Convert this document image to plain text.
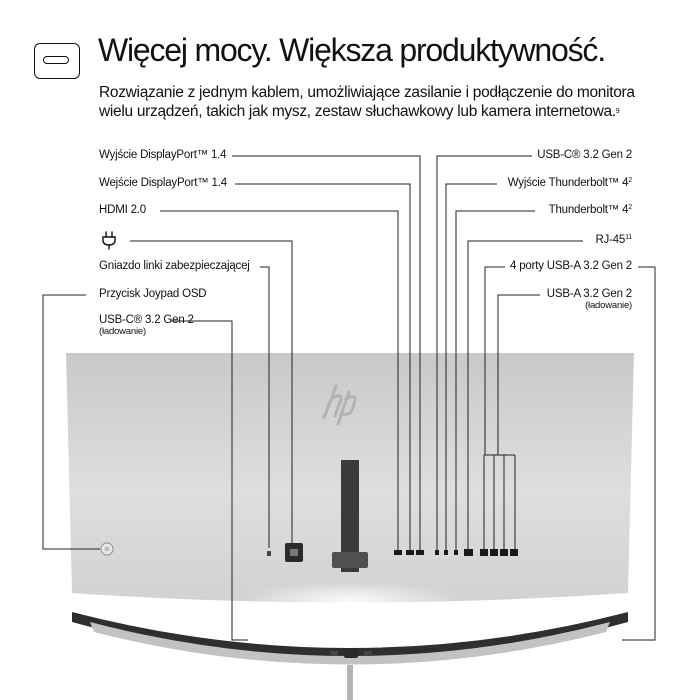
Więcej mocy. Większa produktywność.
Rozwiązanie z jednym kablem, umożliwiające zasilanie i podłączenie do monitora wielu urządzeń, takich jak mysz, zestaw słuchawkowy lub kamera internetowa.$^9$
Wyjście DisplayPort™ 1.4
Wejście DisplayPort™ 1.4
HDMI 2.0
Gniazdo linki zabezpieczającej
Przycisk Joypad OSD
USB-C® 3.2 Gen 2
(ładowanie)
USB-C® 3.2 Gen 2
Wyjście Thunderbolt™ $4^2$
Thunderbolt™ $4^2$
$RJ-45^{11}$
4 porty USB-A 3.2 Gen 2
USB-A 3.2 Gen 2
(ładowanie)
